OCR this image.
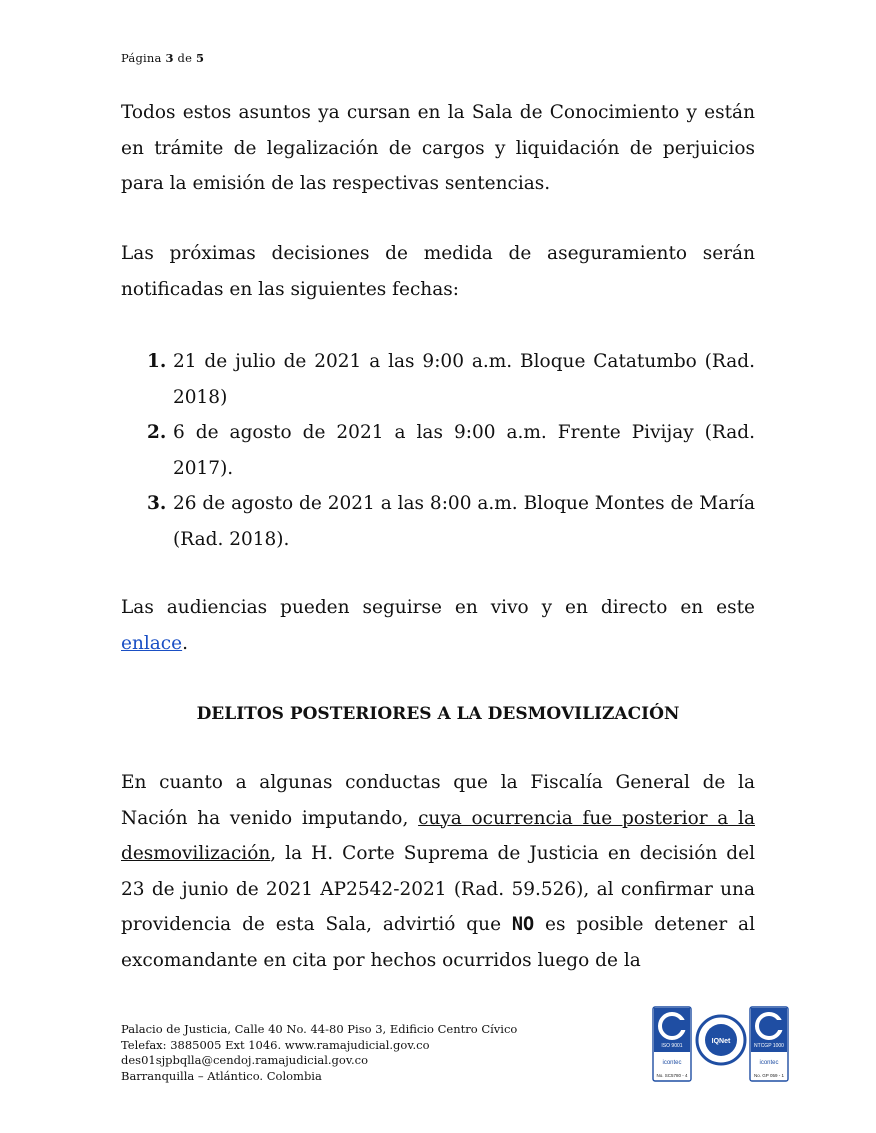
Página 3 de 5

Todos estos asuntos ya cursan en la Sala de Conocimiento y están en trámite de legalización de cargos y liquidación de perjuicios para la emisión de las respectivas sentencias.

Las próximas decisiones de medida de aseguramiento serán notificadas en las siguientes fechas:

1. 21 de julio de 2021 a las 9:00 a.m. Bloque Catatumbo (Rad. 2018)
2. 6 de agosto de 2021 a las 9:00 a.m. Frente Pivijay (Rad. 2017).
3. 26 de agosto de 2021 a las 8:00 a.m. Bloque Montes de María (Rad. 2018).

Las audiencias pueden seguirse en vivo y en directo en este enlace.

DELITOS POSTERIORES A LA DESMOVILIZACIÓN

En cuanto a algunas conductas que la Fiscalía General de la Nación ha venido imputando, cuya ocurrencia fue posterior a la desmovilización, la H. Corte Suprema de Justicia en decisión del 23 de junio de 2021 AP2542-2021 (Rad. 59.526), al confirmar una providencia de esta Sala, advirtió que NO es posible detener al excomandante en cita por hechos ocurridos luego de la

Palacio de Justicia, Calle 40 No. 44-80 Piso 3, Edificio Centro Cívico
Telefax: 3885005 Ext 1046. www.ramajudicial.gov.co
des01sjpbqlla@cendoj.ramajudicial.gov.co
Barranquilla – Atlántico. Colombia
ISO 9001
icontec
No. SC5780 - 4
IQNet
NTCGP 1000
icontec
No. GP 059 - 1
